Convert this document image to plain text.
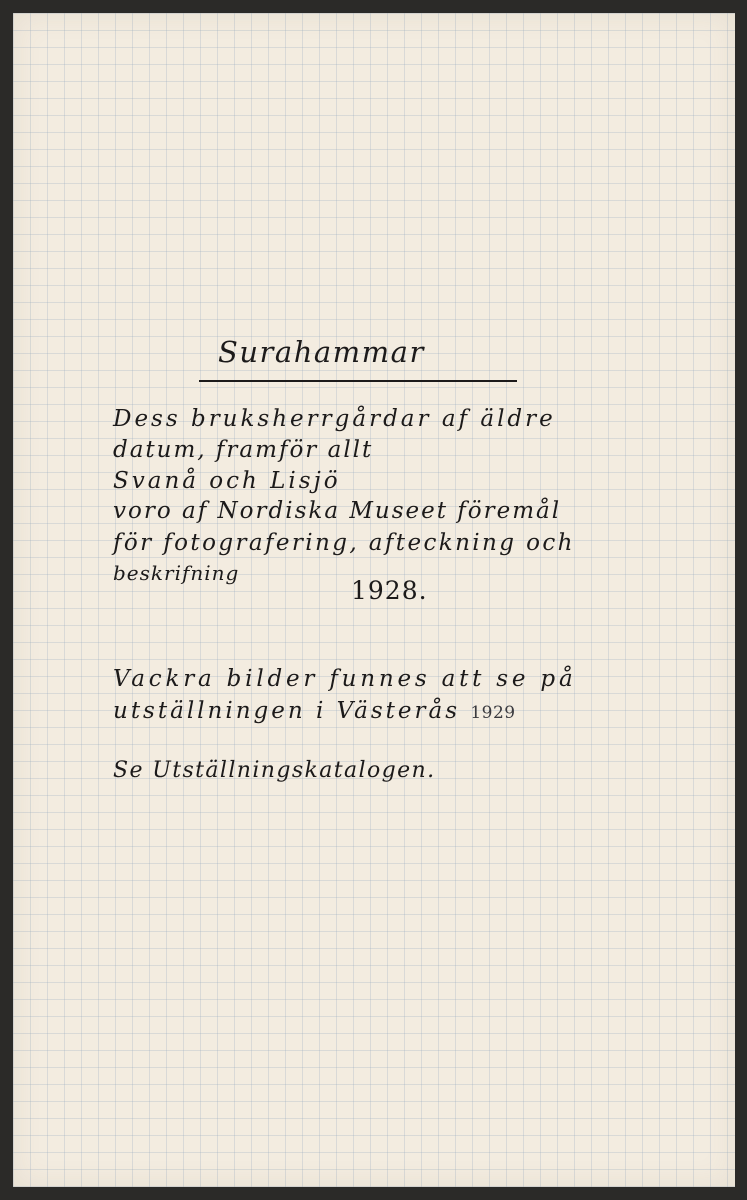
Surahammar
Dess bruksherrgårdar af äldre
datum, framför allt
Svanå och Lisjö
voro af Nordiska Museet föremål
för fotografering, afteckning och
beskrifning
1928.
Vackra bilder funnes att se på
utställningen i Västerås 1929
Se Utställningskatalogen.
